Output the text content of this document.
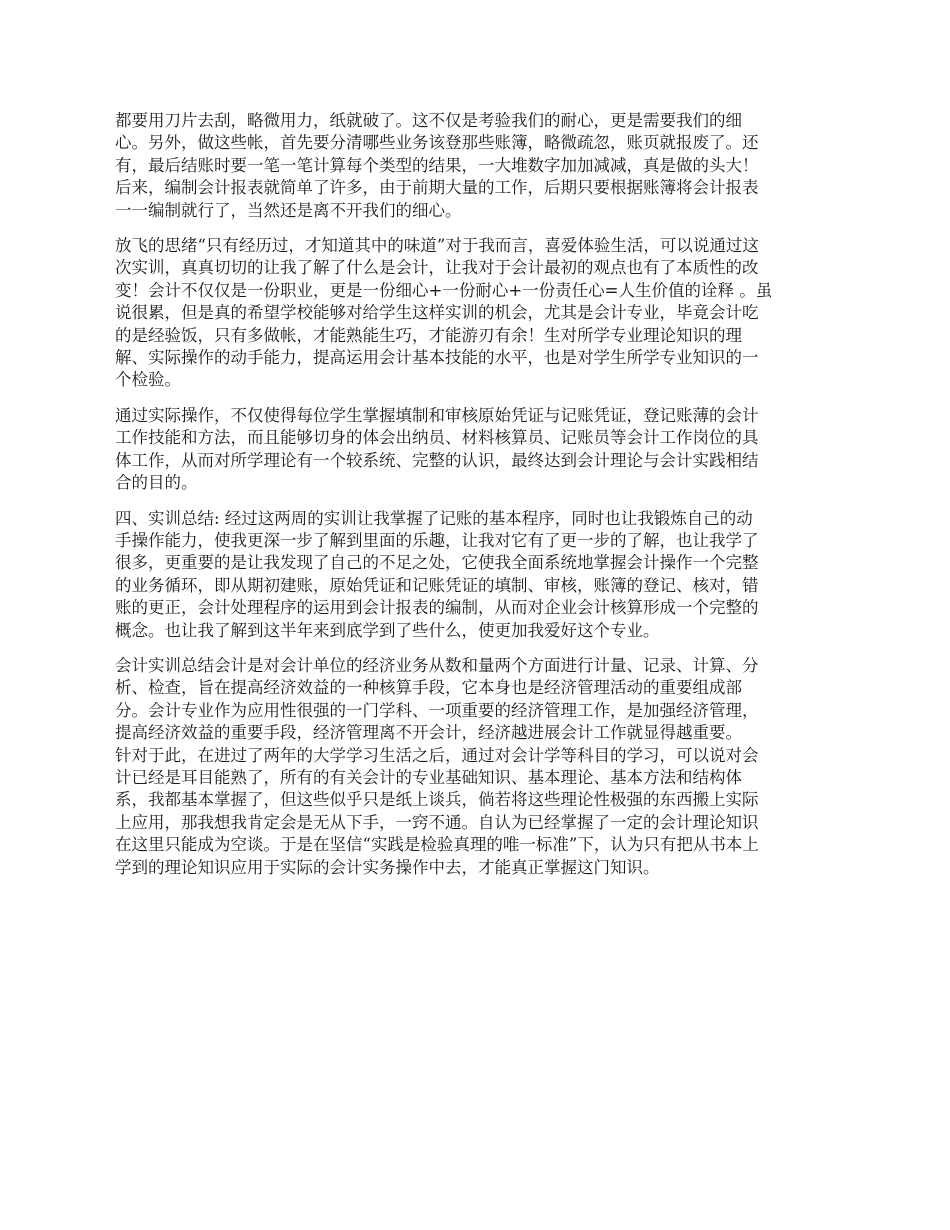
都要用刀片去刮，略微用力，纸就破了。这不仅是考验我们的耐心，更是需要我们的细
心。另外，做这些帐，首先要分清哪些业务该登那些账簿，略微疏忽，账页就报废了。还
有，最后结账时要一笔一笔计算每个类型的结果，一大堆数字加加减减，真是做的头大！
后来，编制会计报表就简单了许多，由于前期大量的工作，后期只要根据账簿将会计报表
一一编制就行了，当然还是离不开我们的细心。

放飞的思绪“只有经历过，才知道其中的味道”对于我而言，喜爱体验生活，可以说通过这
次实训，真真切切的让我了解了什么是会计，让我对于会计最初的观点也有了本质性的改
变！会计不仅仅是一份职业，更是一份细心+一份耐心+一份责任心=人生价值的诠释 。虽
说很累，但是真的希望学校能够对给学生这样实训的机会，尤其是会计专业，毕竟会计吃
的是经验饭，只有多做帐，才能熟能生巧，才能游刃有余！生对所学专业理论知识的理
解、实际操作的动手能力，提高运用会计基本技能的水平，也是对学生所学专业知识的一
个检验。

通过实际操作，不仅使得每位学生掌握填制和审核原始凭证与记账凭证，登记账薄的会计
工作技能和方法，而且能够切身的体会出纳员、材料核算员、记账员等会计工作岗位的具
体工作，从而对所学理论有一个较系统、完整的认识，最终达到会计理论与会计实践相结
合的目的。

四、实训总结: 经过这两周的实训让我掌握了记账的基本程序，同时也让我锻炼自己的动
手操作能力，使我更深一步了解到里面的乐趣，让我对它有了更一步的了解，也让我学了
很多，更重要的是让我发现了自己的不足之处，它使我全面系统地掌握会计操作一个完整
的业务循环，即从期初建账，原始凭证和记账凭证的填制、审核，账簿的登记、核对，错
账的更正，会计处理程序的运用到会计报表的编制，从而对企业会计核算形成一个完整的
概念。也让我了解到这半年来到底学到了些什么，使更加我爱好这个专业。

会计实训总结会计是对会计单位的经济业务从数和量两个方面进行计量、记录、计算、分
析、检查，旨在提高经济效益的一种核算手段，它本身也是经济管理活动的重要组成部
分。会计专业作为应用性很强的一门学科、一项重要的经济管理工作，是加强经济管理，
提高经济效益的重要手段，经济管理离不开会计，经济越进展会计工作就显得越重要。
针对于此，在进过了两年的大学学习生活之后，通过对会计学等科目的学习，可以说对会
计已经是耳目能熟了，所有的有关会计的专业基础知识、基本理论、基本方法和结构体
系，我都基本掌握了，但这些似乎只是纸上谈兵，倘若将这些理论性极强的东西搬上实际
上应用，那我想我肯定会是无从下手，一窍不通。自认为已经掌握了一定的会计理论知识
在这里只能成为空谈。于是在坚信“实践是检验真理的唯一标准”下，认为只有把从书本上
学到的理论知识应用于实际的会计实务操作中去，才能真正掌握这门知识。
